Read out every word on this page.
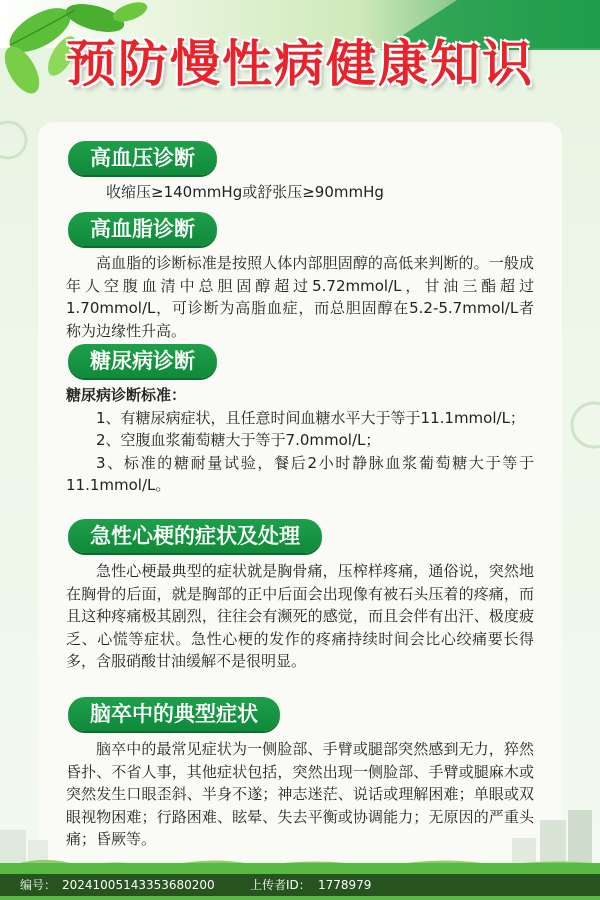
预防慢性病健康知识
高血压诊断

收缩压≥140mmHg或舒张压≥90mmHg

高血脂诊断

高血脂的诊断标准是按照人体内部胆固醇的高低来判断的。一般成年人空腹血清中总胆固醇超过5.72mmol/L，甘油三酯超过1.70mmol/L，可诊断为高脂血症，而总胆固醇在5.2-5.7mmol/L者称为边缘性升高。

糖尿病诊断

糖尿病诊断标准：

1、有糖尿病症状，且任意时间血糖水平大于等于11.1mmol/L；

2、空腹血浆葡萄糖大于等于7.0mmol/L；

3、标准的糖耐量试验，餐后2小时静脉血浆葡萄糖大于等于11.1mmol/L。

急性心梗的症状及处理

急性心梗最典型的症状就是胸骨痛，压榨样疼痛，通俗说，突然地在胸骨的后面，就是胸部的正中后面会出现像有被石头压着的疼痛，而且这种疼痛极其剧烈，往往会有濒死的感觉，而且会伴有出汗、极度疲乏、心慌等症状。急性心梗的发作的疼痛持续时间会比心绞痛要长得多，含服硝酸甘油缓解不是很明显。

脑卒中的典型症状

脑卒中的最常见症状为一侧脸部、手臂或腿部突然感到无力，猝然昏扑、不省人事，其他症状包括，突然出现一侧脸部、手臂或腿麻木或突然发生口眼歪斜、半身不遂；神志迷茫、说话或理解困难；单眼或双眼视物困难；行路困难、眩晕、失去平衡或协调能力；无原因的严重头痛；昏厥等。

编号： 20241005143353680200	上传者ID： 1778979
